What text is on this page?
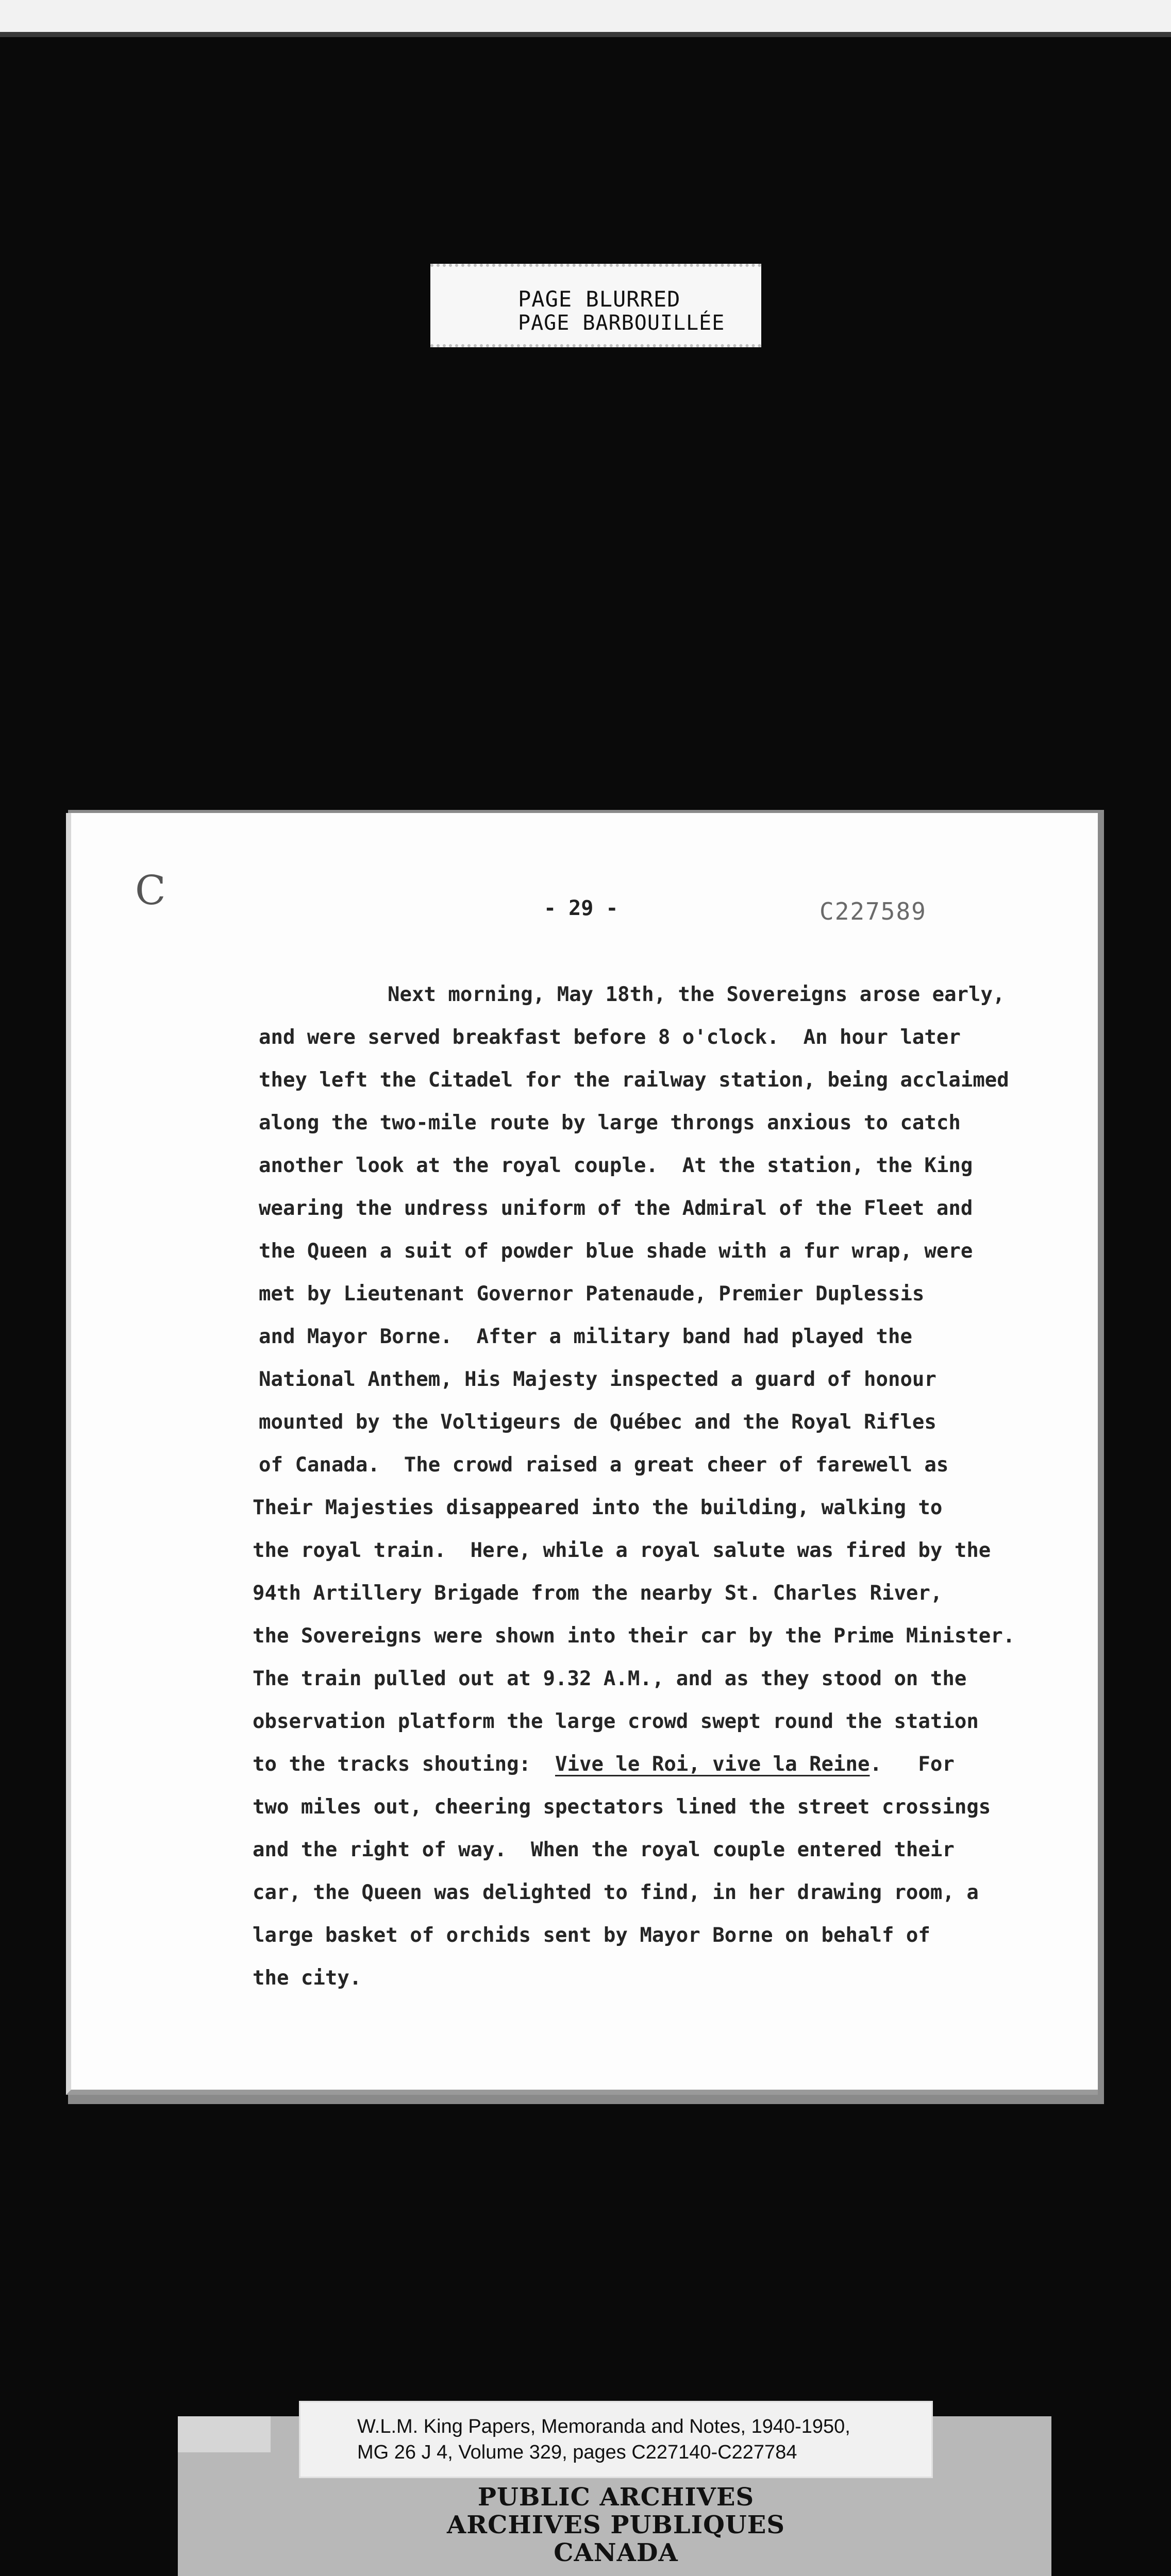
PAGE BLURRED
PAGE BARBOUILLÉE
C	- 29 -	C227589
Next morning, May 18th, the Sovereigns arose early,
and were served breakfast before 8 o'clock.  An hour later
they left the Citadel for the railway station, being acclaimed
along the two-mile route by large throngs anxious to catch
another look at the royal couple.  At the station, the King
wearing the undress uniform of the Admiral of the Fleet and
the Queen a suit of powder blue shade with a fur wrap, were
met by Lieutenant Governor Patenaude, Premier Duplessis
and Mayor Borne.  After a military band had played the
National Anthem, His Majesty inspected a guard of honour
mounted by the Voltigeurs de Québec and the Royal Rifles
of Canada.  The crowd raised a great cheer of farewell as
Their Majesties disappeared into the building, walking to
the royal train.  Here, while a royal salute was fired by the
94th Artillery Brigade from the nearby St. Charles River,
the Sovereigns were shown into their car by the Prime Minister.
The train pulled out at 9.32 A.M., and as they stood on the
observation platform the large crowd swept round the station
to the tracks shouting:  Vive le Roi, vive la Reine.   For
two miles out, cheering spectators lined the street crossings
and the right of way.  When the royal couple entered their
car, the Queen was delighted to find, in her drawing room, a
large basket of orchids sent by Mayor Borne on behalf of
the city.
W.L.M. King Papers, Memoranda and Notes, 1940-1950,
MG 26 J 4, Volume 329, pages C227140-C227784
PUBLIC ARCHIVES
ARCHIVES PUBLIQUES
CANADA
